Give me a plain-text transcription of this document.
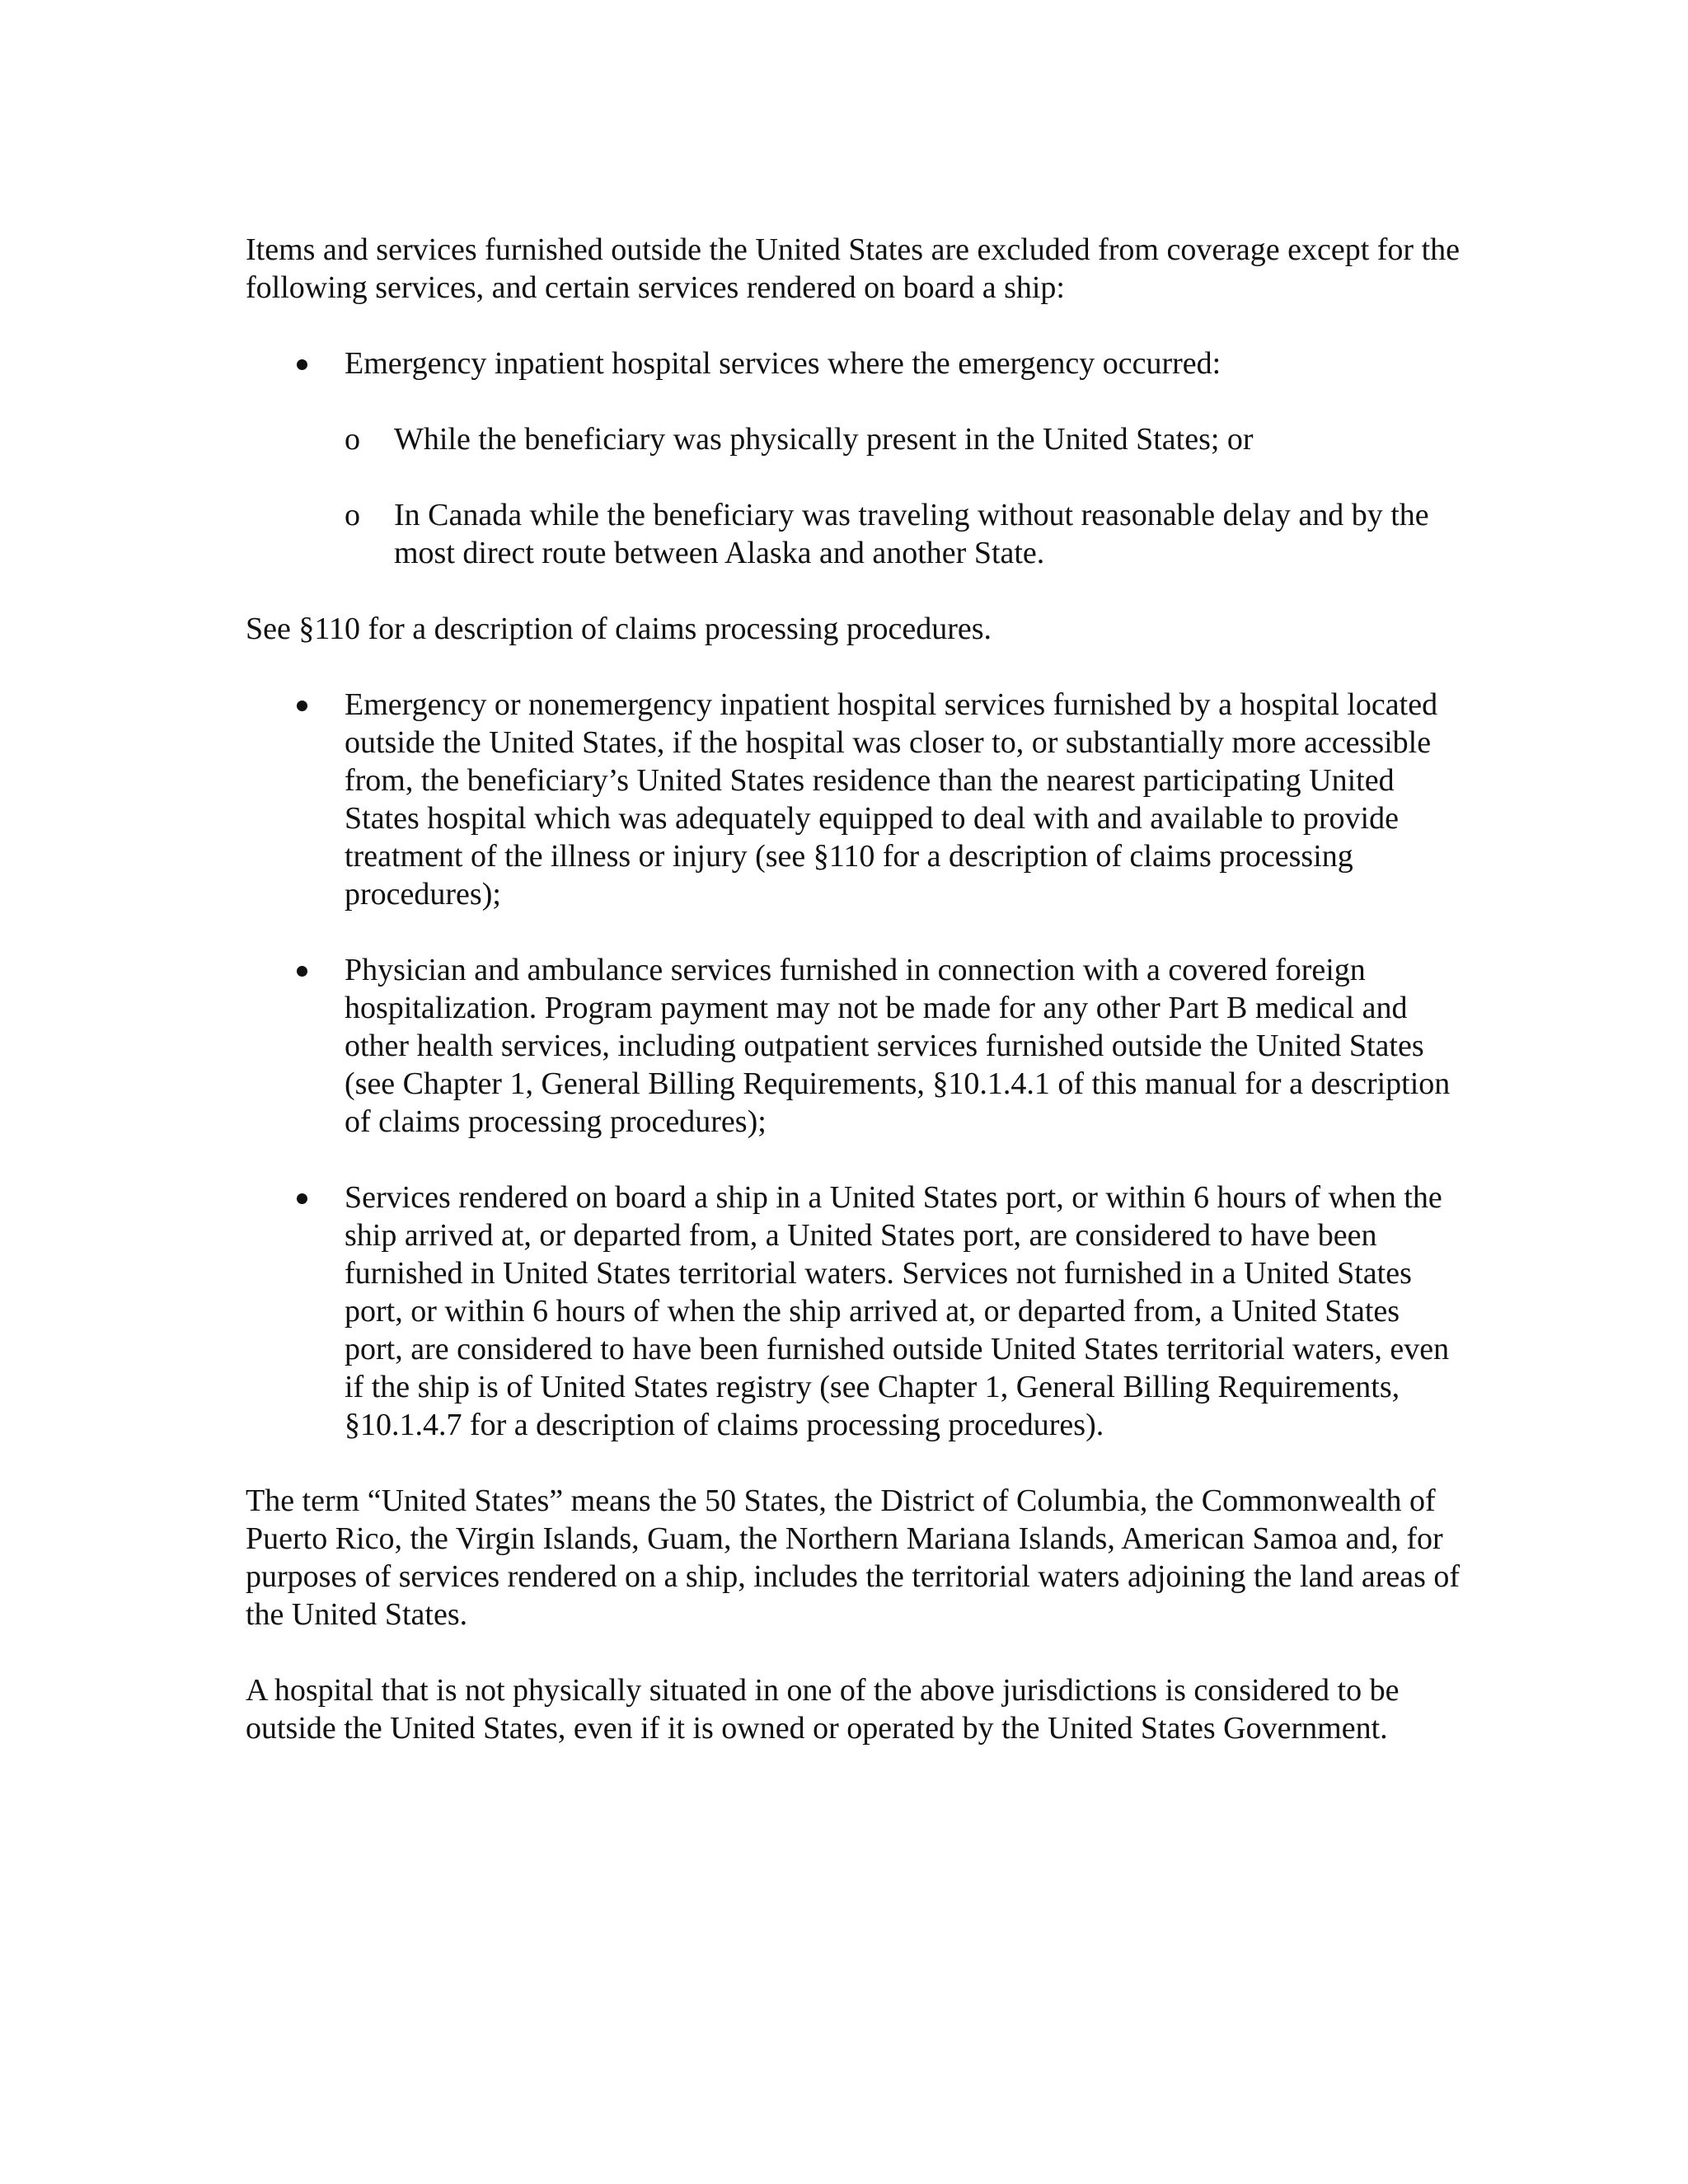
Items and services furnished outside the United States are excluded from coverage except for the following services, and certain services rendered on board a ship:

Emergency inpatient hospital services where the emergency occurred:
o While the beneficiary was physically present in the United States; or
o In Canada while the beneficiary was traveling without reasonable delay and by the most direct route between Alaska and another State.

See §110 for a description of claims processing procedures.

Emergency or nonemergency inpatient hospital services furnished by a hospital located outside the United States, if the hospital was closer to, or substantially more accessible from, the beneficiary’s United States residence than the nearest participating United States hospital which was adequately equipped to deal with and available to provide treatment of the illness or injury (see §110 for a description of claims processing procedures);
Physician and ambulance services furnished in connection with a covered foreign hospitalization. Program payment may not be made for any other Part B medical and other health services, including outpatient services furnished outside the United States (see Chapter 1, General Billing Requirements, §10.1.4.1 of this manual for a description of claims processing procedures);
Services rendered on board a ship in a United States port, or within 6 hours of when the ship arrived at, or departed from, a United States port, are considered to have been furnished in United States territorial waters. Services not furnished in a United States port, or within 6 hours of when the ship arrived at, or departed from, a United States port, are considered to have been furnished outside United States territorial waters, even if the ship is of United States registry (see Chapter 1, General Billing Requirements, §10.1.4.7 for a description of claims processing procedures).

The term “United States” means the 50 States, the District of Columbia, the Commonwealth of Puerto Rico, the Virgin Islands, Guam, the Northern Mariana Islands, American Samoa and, for purposes of services rendered on a ship, includes the territorial waters adjoining the land areas of the United States.

A hospital that is not physically situated in one of the above jurisdictions is considered to be outside the United States, even if it is owned or operated by the United States Government.
